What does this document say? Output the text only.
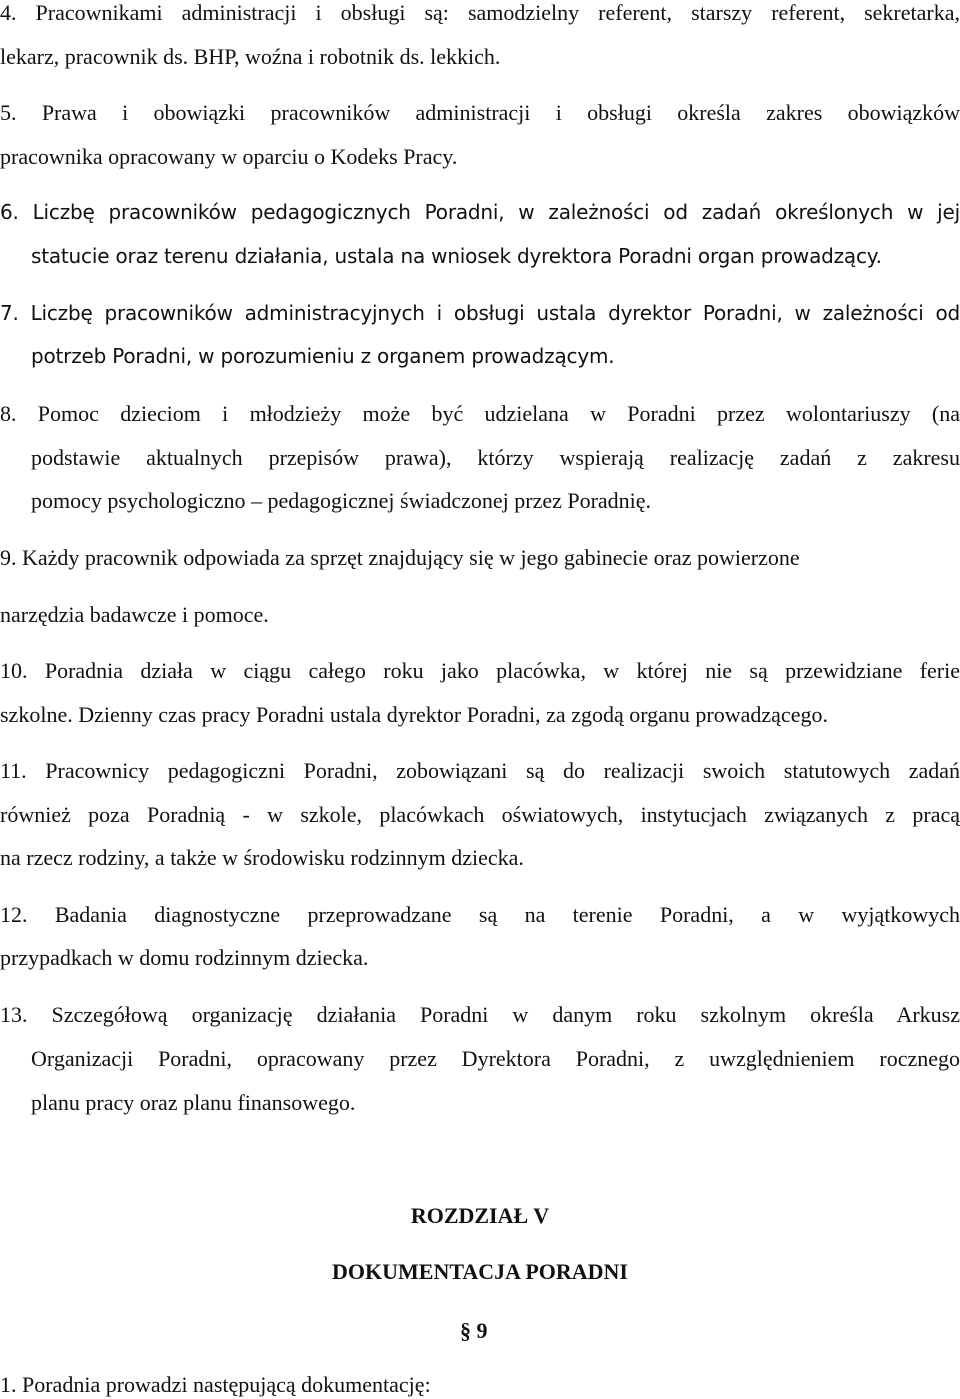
4. Pracownikami administracji i obsługi są: samodzielny referent, starszy referent, sekretarka,

lekarz, pracownik ds. BHP, woźna i robotnik ds. lekkich.

5. Prawa i obowiązki pracowników administracji i obsługi określa zakres obowiązków

pracownika opracowany w oparciu o Kodeks Pracy.

6. Liczbę pracowników pedagogicznych Poradni, w zależności od zadań określonych w jej

statucie oraz terenu działania, ustala na wniosek dyrektora Poradni organ prowadzący.

7. Liczbę pracowników administracyjnych i obsługi ustala dyrektor Poradni, w zależności od

potrzeb Poradni, w porozumieniu z organem prowadzącym.

8. Pomoc dzieciom i młodzieży może być udzielana w Poradni przez wolontariuszy (na

podstawie aktualnych przepisów prawa), którzy wspierają realizację zadań z zakresu

pomocy psychologiczno – pedagogicznej świadczonej przez Poradnię.

9. Każdy pracownik odpowiada za sprzęt znajdujący się w jego gabinecie oraz powierzone

narzędzia badawcze i pomoce.

10. Poradnia działa w ciągu całego roku jako placówka, w której nie są przewidziane ferie

szkolne. Dzienny czas pracy Poradni ustala dyrektor Poradni, za zgodą organu prowadzącego.

11. Pracownicy pedagogiczni Poradni, zobowiązani są do realizacji swoich statutowych zadań

również poza Poradnią - w szkole, placówkach oświatowych, instytucjach związanych z pracą

na rzecz rodziny, a także w środowisku rodzinnym dziecka.

12. Badania diagnostyczne przeprowadzane są na terenie Poradni, a w wyjątkowych

przypadkach w domu rodzinnym dziecka.

13. Szczegółową organizację działania Poradni w danym roku szkolnym określa Arkusz

Organizacji Poradni, opracowany przez Dyrektora Poradni, z uwzględnieniem rocznego

planu pracy oraz planu finansowego.

ROZDZIAŁ V
DOKUMENTACJA PORADNI

§ 9

1. Poradnia prowadzi następującą dokumentację:
